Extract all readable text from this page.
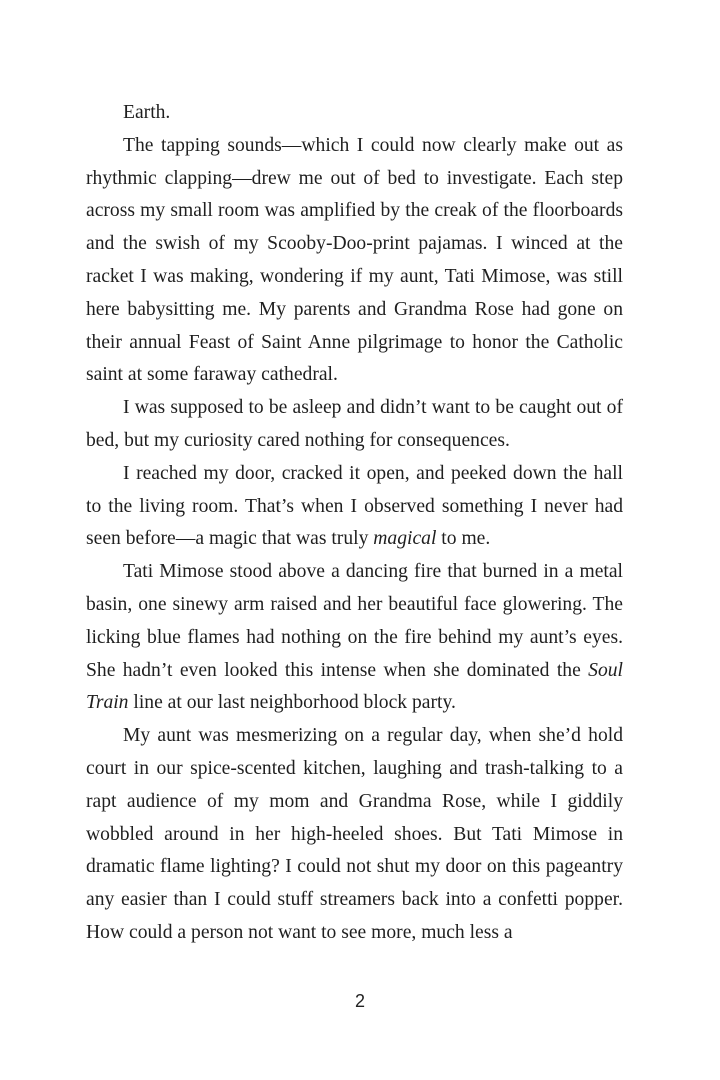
Earth.

The tapping sounds—which I could now clearly make out as rhythmic clapping—drew me out of bed to investigate. Each step across my small room was amplified by the creak of the floorboards and the swish of my Scooby-Doo-print pajamas. I winced at the racket I was making, wondering if my aunt, Tati Mimose, was still here babysitting me. My parents and Grandma Rose had gone on their annual Feast of Saint Anne pilgrimage to honor the Catholic saint at some faraway cathedral.

I was supposed to be asleep and didn’t want to be caught out of bed, but my curiosity cared nothing for consequences.

I reached my door, cracked it open, and peeked down the hall to the living room. That’s when I observed something I never had seen before—a magic that was truly magical to me.

Tati Mimose stood above a dancing fire that burned in a metal basin, one sinewy arm raised and her beautiful face glowering. The licking blue flames had nothing on the fire behind my aunt’s eyes. She hadn’t even looked this intense when she dominated the Soul Train line at our last neighborhood block party.

My aunt was mesmerizing on a regular day, when she’d hold court in our spice-scented kitchen, laughing and trash-talking to a rapt audience of my mom and Grandma Rose, while I giddily wobbled around in her high-heeled shoes. But Tati Mimose in dramatic flame lighting? I could not shut my door on this pageantry any easier than I could stuff streamers back into a confetti popper. How could a person not want to see more, much less a

2
